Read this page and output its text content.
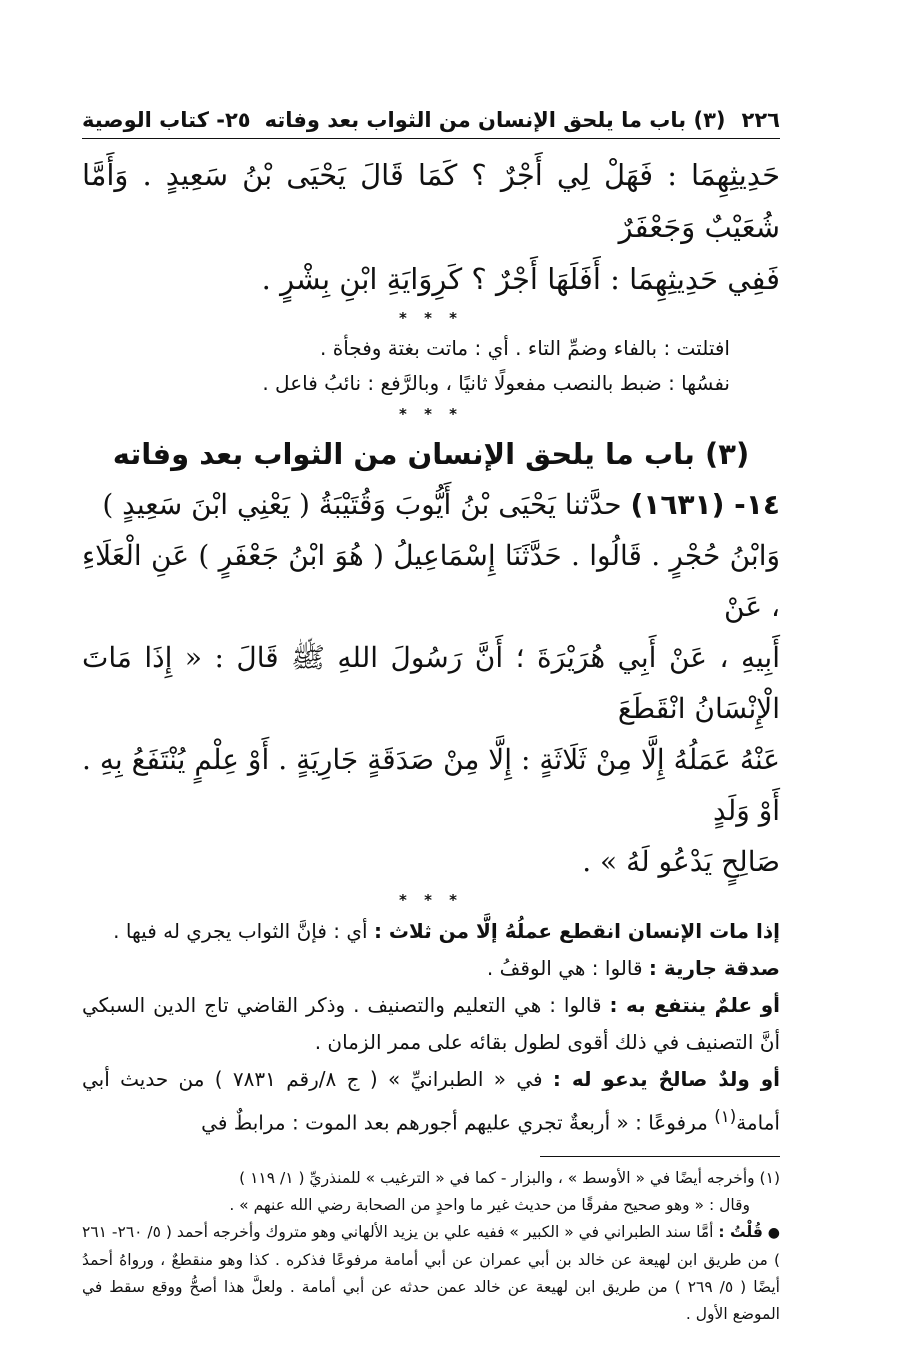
٢٢٦
(٣) باب ما يلحق الإنسان من الثواب بعد وفاته
٢٥- كتاب الوصية

حَدِيثِهِمَا : فَهَلْ لِي أَجْرٌ ؟ كَمَا قَالَ يَحْيَى بْنُ سَعِيدٍ . وَأَمَّا شُعَيْبٌ وَجَعْفَرٌ

فَفِي حَدِيثِهِمَا : أَفَلَهَا أَجْرٌ ؟ كَرِوَايَةِ ابْنِ بِشْرٍ .

* * *

افتلتت : بالفاء وضمِّ التاء . أي : ماتت بغتة وفجأة .

نفسُها : ضبط بالنصب مفعولًا ثانيًا ، وبالرَّفع : نائبُ فاعل .

* * *
(٣) باب ما يلحق الإنسان من الثواب بعد وفاته

١٤- (١٦٣١) حدَّثنا يَحْيَى بْنُ أَيُّوبَ وَقُتَيْبَةُ ( يَعْنِي ابْنَ سَعِيدٍ )

وَابْنُ حُجْرٍ . قَالُوا . حَدَّثَنَا إِسْمَاعِيلُ ( هُوَ ابْنُ جَعْفَرٍ ) عَنِ الْعَلَاءِ ، عَنْ

أَبِيهِ ، عَنْ أَبِي هُرَيْرَةَ ؛ أَنَّ رَسُولَ اللهِ ﷺ قَالَ : « إِذَا مَاتَ الْإِنْسَانُ انْقَطَعَ

عَنْهُ عَمَلُهُ إِلَّا مِنْ ثَلَاثَةٍ : إِلَّا مِنْ صَدَقَةٍ جَارِيَةٍ . أَوْ عِلْمٍ يُنْتَفَعُ بِهِ . أَوْ وَلَدٍ

صَالِحٍ يَدْعُو لَهُ » .

* * *

إذا مات الإنسان انقطع عملُهُ إلَّا من ثلاث : أي : فإنَّ الثواب يجري له فيها .

صدقة جارية : قالوا : هي الوقفُ .

أو علمٌ ينتفع به : قالوا : هي التعليم والتصنيف . وذكر القاضي تاج الدين السبكي أنَّ التصنيف في ذلك أقوى لطول بقائه على ممر الزمان .

أو ولدٌ صالحٌ يدعو له : في « الطبرانيِّ » ( ج ٨/رقم ٧٨٣١ ) من حديث أبي أمامة$^{(١)}$ مرفوعًا : « أربعةٌ تجري عليهم أجورهم بعد الموت : مرابطٌ في

(١) وأخرجه أيضًا في « الأوسط » ، والبزار - كما في « الترغيب » للمنذريِّ ( ١/ ١١٩ )

وقال : « وهو صحيح مفرقًا من حديث غير ما واحدٍ من الصحابة رضي الله عنهم » .

● قُلْتُ : أمَّا سند الطبراني في « الكبير » ففيه علي بن يزيد الألهاني وهو متروك وأخرجه أحمد ( ٥/ ٢٦٠- ٢٦١ ) من طريق ابن لهيعة عن خالد بن أبي عمران عن أبي أمامة مرفوعًا فذكره . كذا وهو منقطعٌ ، ورواهُ أحمدُ أيضًا ( ٥/ ٢٦٩ ) من طريق ابن لهيعة عن خالد عمن حدثه عن أبي أمامة . ولعلَّ هذا أصحُّ ووقع سقط في الموضع الأول .
